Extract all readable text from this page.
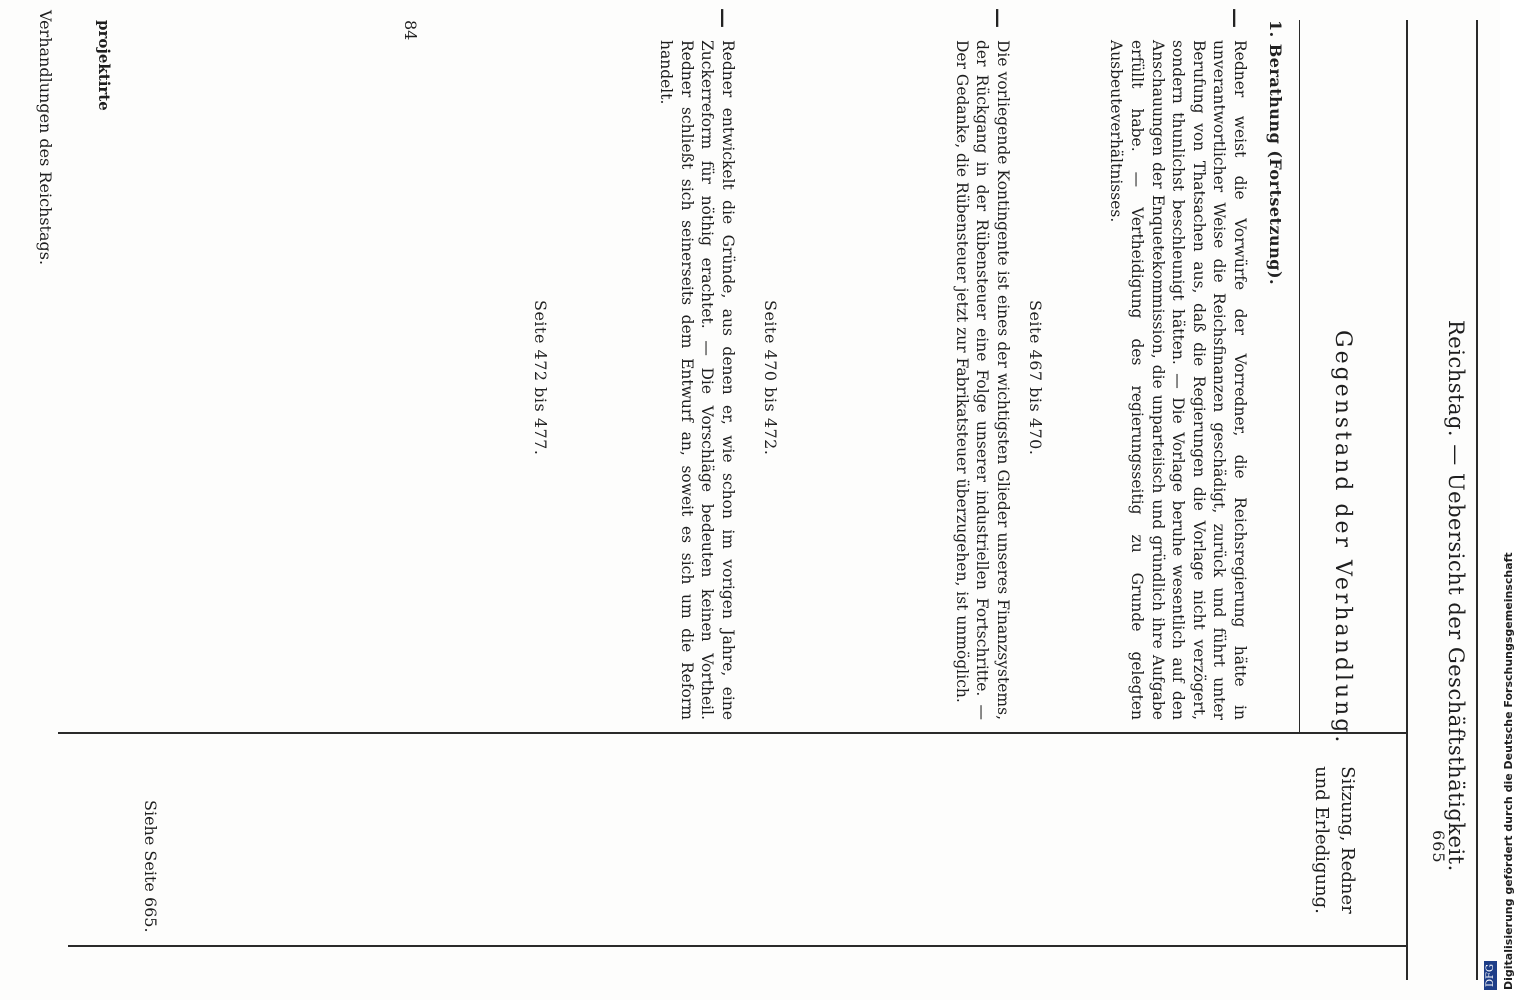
Reichstag. — Uebersicht der Geschäftsthätigkeit.
665
Gegenstand der Verhandlung.
Sitzung, Redner und Erledigung.
Siehe Seite 665.
1. Berathung (Fortsetzung).
—
Redner weist die Vorwürfe der Vorredner, die Reichsregierung hätte in unverantwortlicher Weise die Reichsfinanzen geschädigt, zurück und führt unter Berufung von Thatsachen aus, daß die Regierungen die Vorlage nicht verzögert, sondern thunlichst beschleunigt hätten. — Die Vorlage beruhe wesentlich auf den Anschauungen der Enquetekommission, die unparteiisch und gründlich ihre Aufgabe erfüllt habe. — Vertheidigung des regierungsseitig zu Grunde gelegten Ausbeuteverhältnisses.
Seite 467 bis 470.
—
Die vorliegende Kontingente ist eines der wichtigsten Glieder unseres Finanzsystems, der Rückgang in der Rübensteuer eine Folge unserer industriellen Fortschritte. — Der Gedanke, die Rübensteuer jetzt zur Fabrikatsteuer überzugehen, ist unmöglich.
Seite 470 bis 472.
—
Redner entwickelt die Gründe, aus denen er, wie schon im vorigen Jahre, eine Zuckerreform für nöthig erachtet. — Die Vorschläge bedeuten keinen Vortheil. Redner schließt sich seinerseits dem Entwurf an, soweit es sich um die Reform handelt.
Seite 472 bis 477.
projektirte
Verhandlungen des Reichstags.	84
DFG Digitalisierung gefördert durch die Deutsche Forschungsgemeinschaft
